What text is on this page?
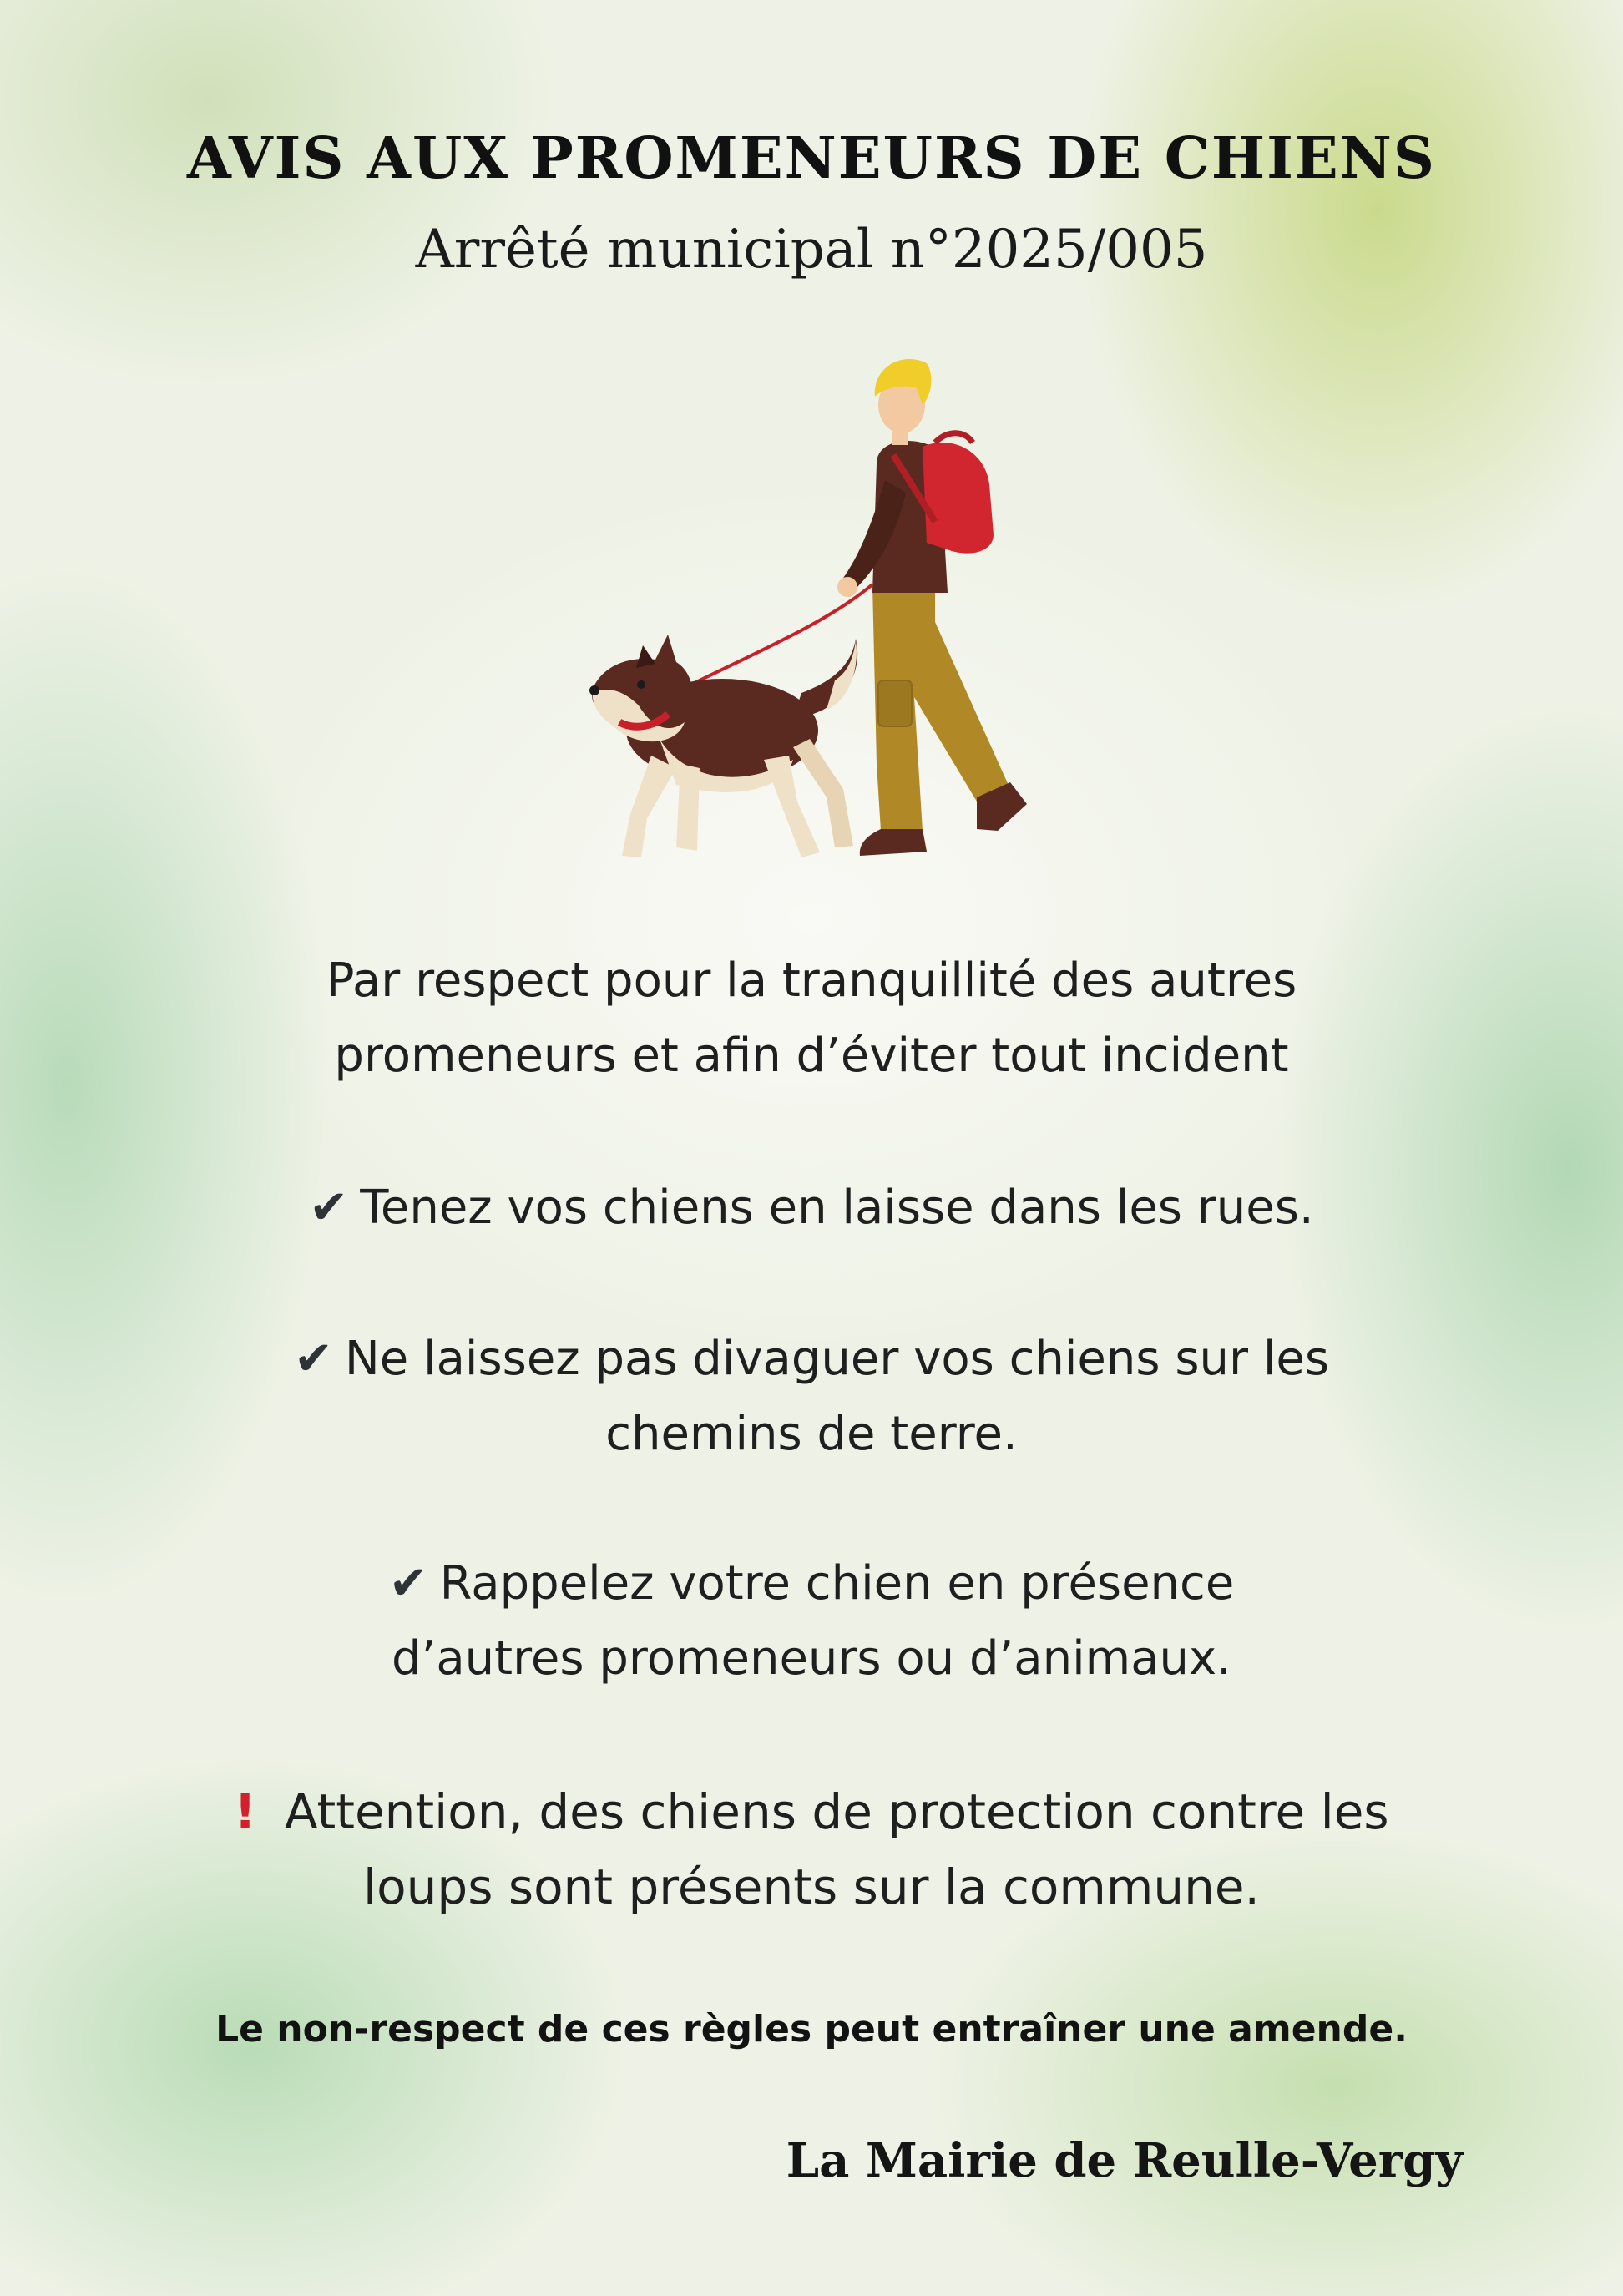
AVIS AUX PROMENEURS DE CHIENS
Arrêté municipal n°2025/005
Par respect pour la tranquillité des autres
promeneurs et afin d’éviter tout incident
✔ Tenez vos chiens en laisse dans les rues.
✔ Ne laissez pas divaguer vos chiens sur les
chemins de terre.
✔ Rappelez votre chien en présence
d’autres promeneurs ou d’animaux.
! Attention, des chiens de protection contre les
loups sont présents sur la commune.
Le non-respect de ces règles peut entraîner une amende.
La Mairie de Reulle-Vergy
